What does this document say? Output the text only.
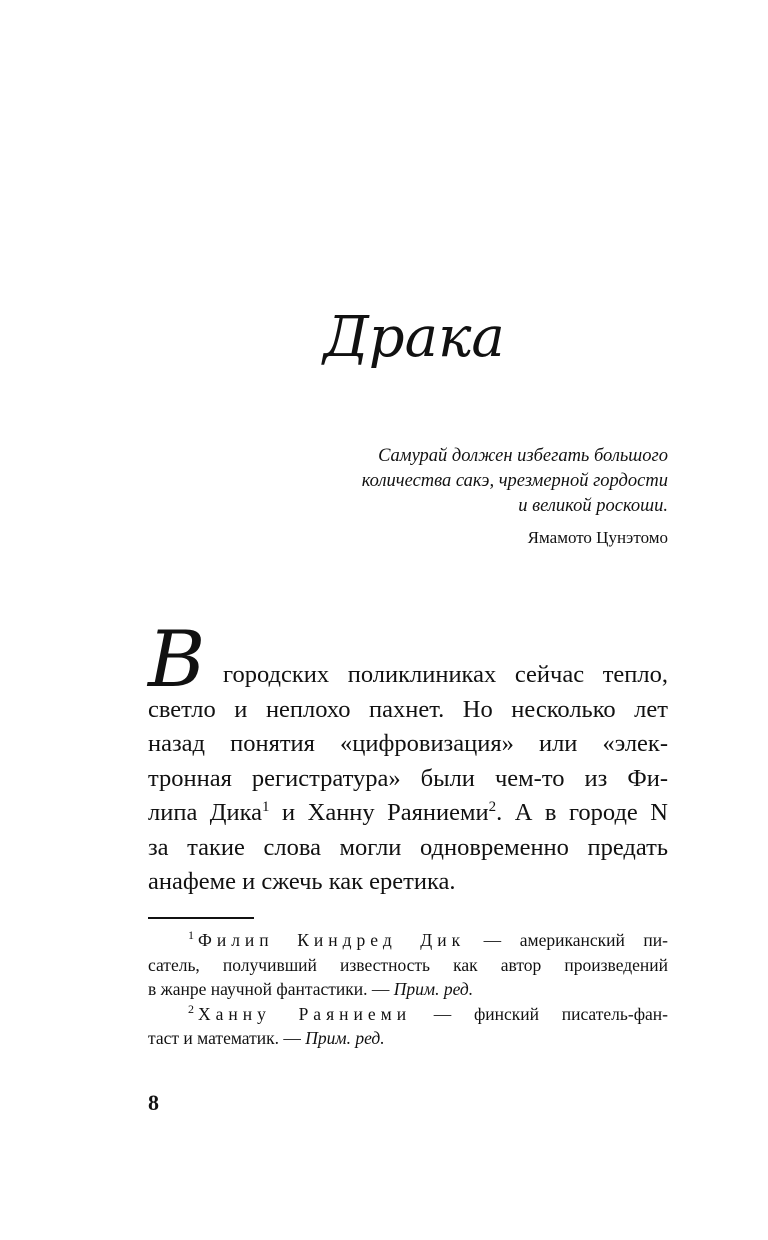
Драка
Самурай должен избегать большого
количества сакэ, чрезмерной гордости
и великой роскоши.
Ямамото Цунэтомо
В городских поликлиниках сейчас тепло,
светло и неплохо пахнет. Но несколько лет
назад понятия «цифровизация» или «элек-
тронная регистратура» были чем-то из Фи-
липа Дика$^1$ и Ханну Раяниеми$^2$. А в городе N
за такие слова могли одновременно предать
анафеме и сжечь как еретика.
$^1$ Филип Киндред Дик — американский пи-
сатель, получивший известность как автор произведений
в жанре научной фантастики. — Прим. ред.
$^2$ Ханну Раяниеми — финский писатель-фан-
таст и математик. — Прим. ред.
8
